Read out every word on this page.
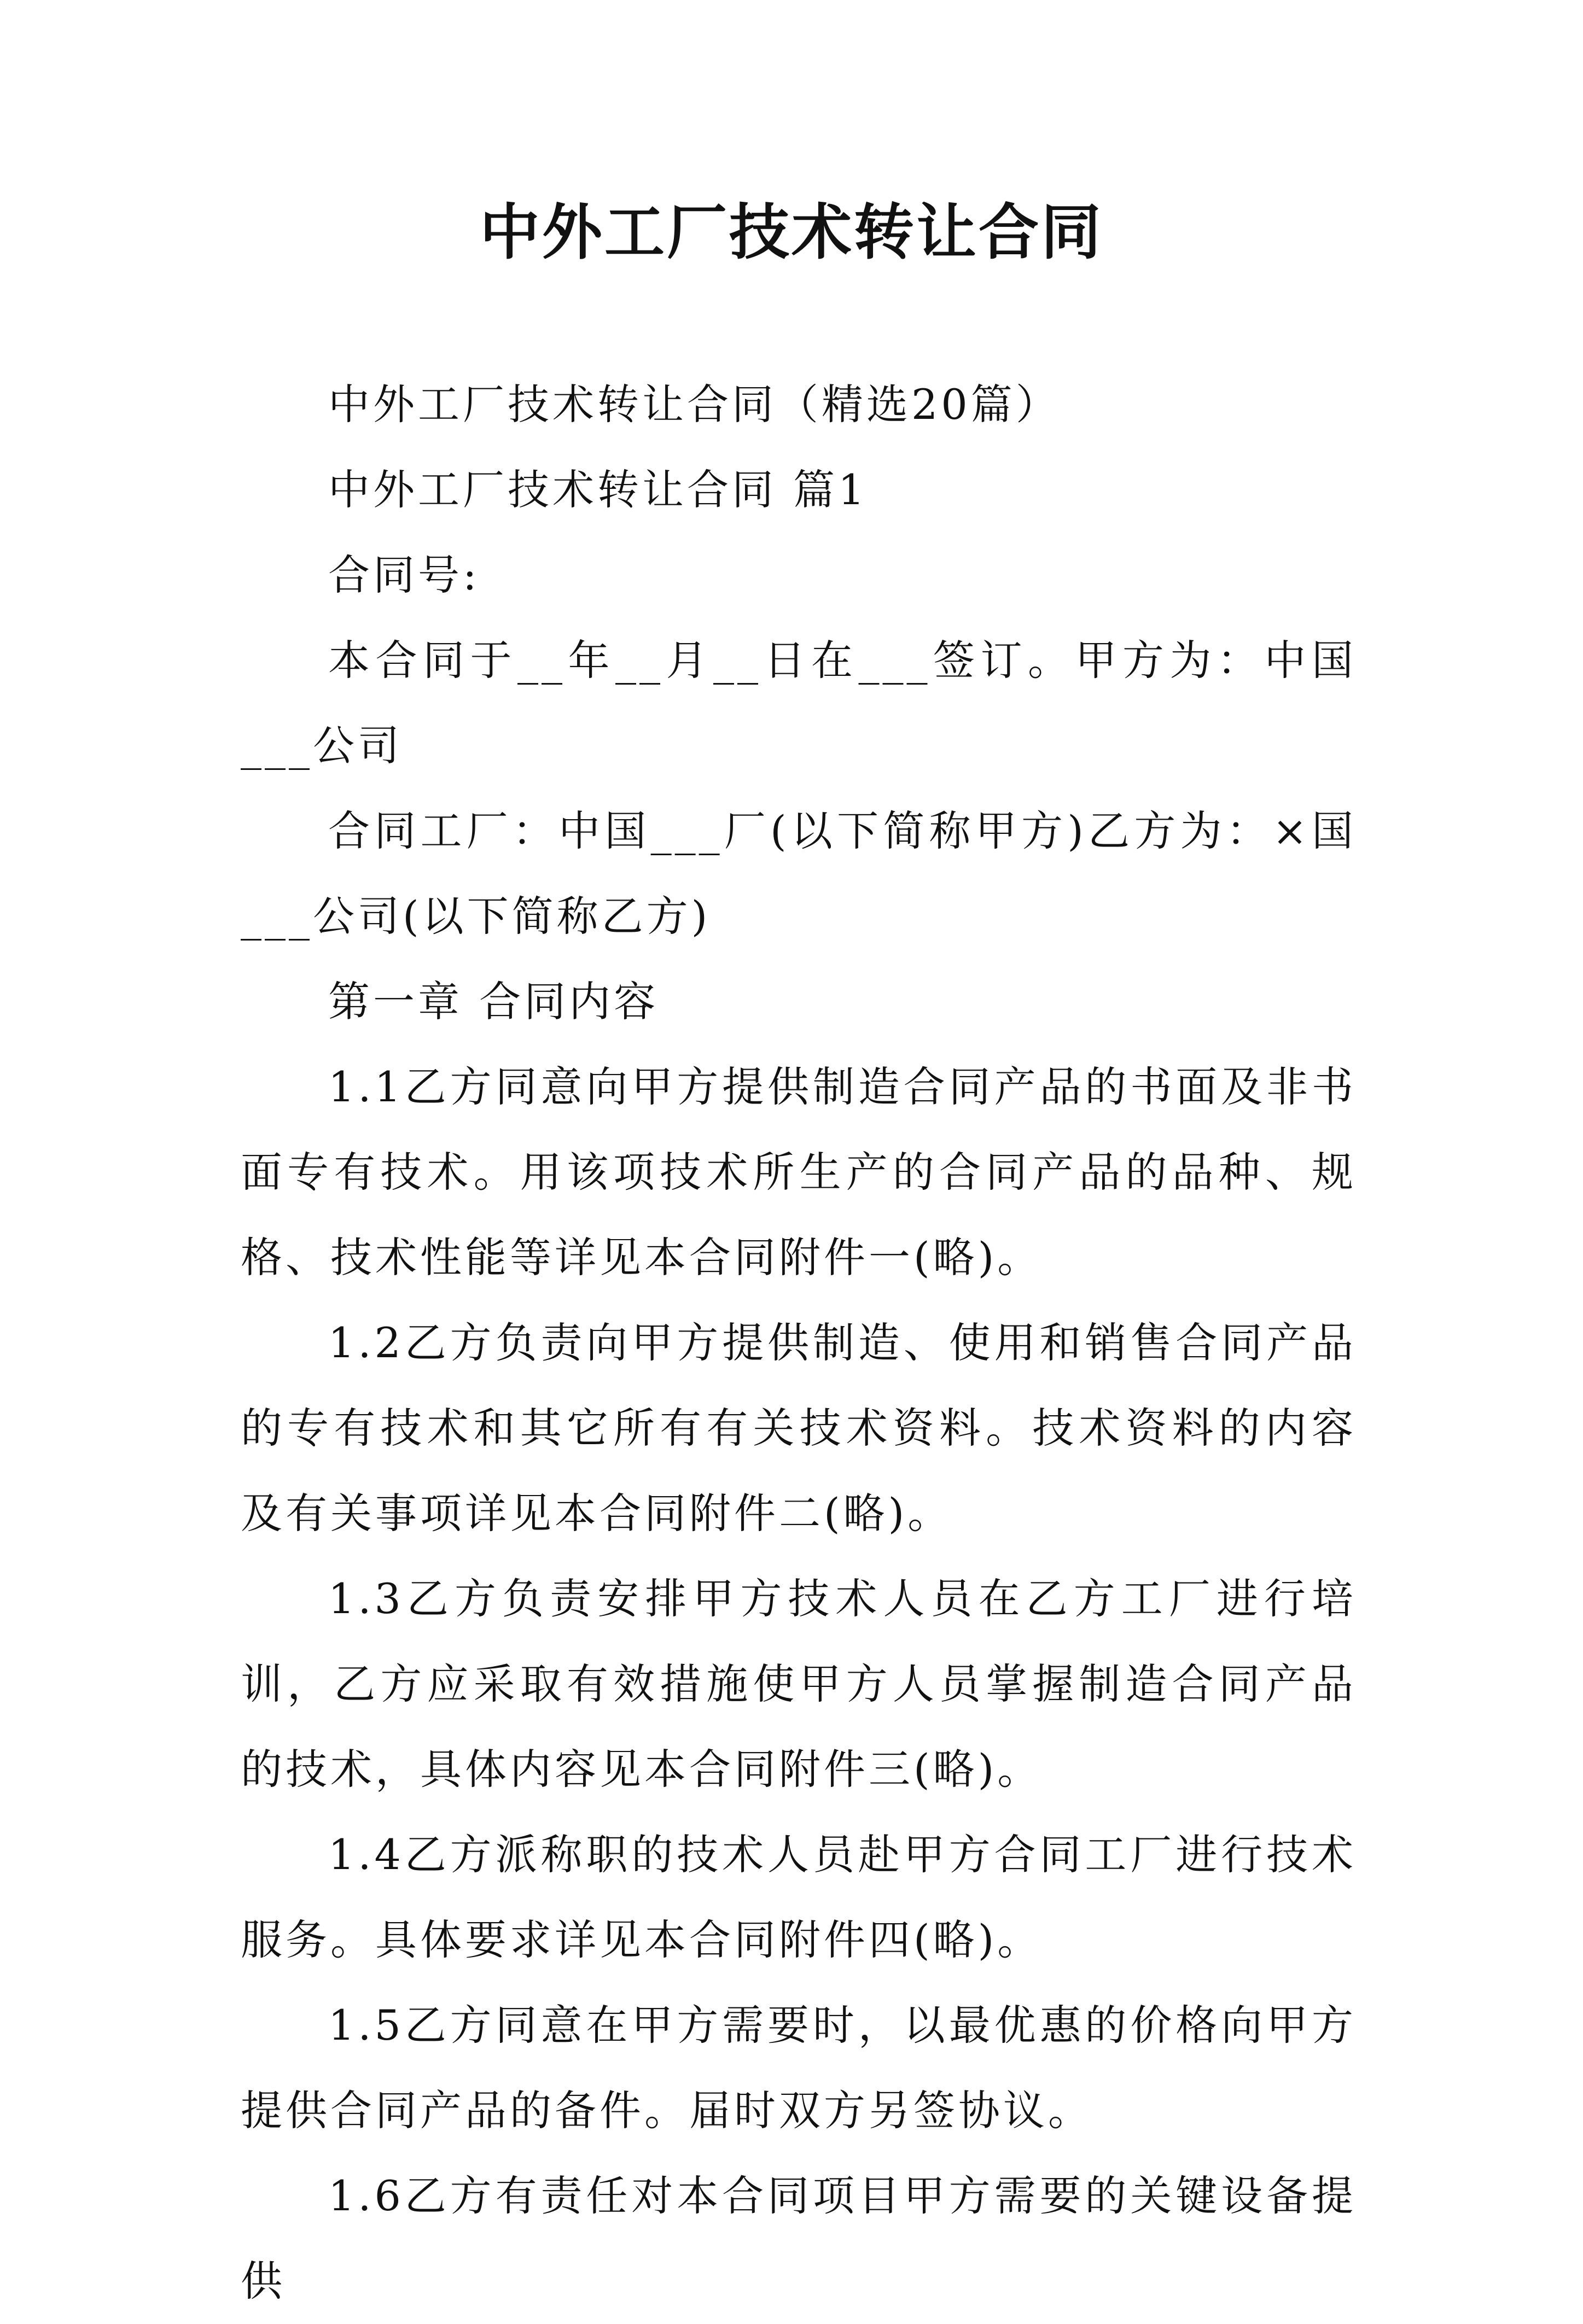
中外工厂技术转让合同

中外工厂技术转让合同（精选20篇）

中外工厂技术转让合同 篇1

合同号:

本合同于__年__月__日在___签订。甲方为：中国___公司

合同工厂：中国___厂(以下简称甲方)乙方为：×国___公司(以下简称乙方)

第一章 合同内容

1.1乙方同意向甲方提供制造合同产品的书面及非书面专有技术。用该项技术所生产的合同产品的品种、规格、技术性能等详见本合同附件一(略)。

1.2乙方负责向甲方提供制造、使用和销售合同产品的专有技术和其它所有有关技术资料。技术资料的内容及有关事项详见本合同附件二(略)。

1.3乙方负责安排甲方技术人员在乙方工厂进行培训，乙方应采取有效措施使甲方人员掌握制造合同产品的技术，具体内容见本合同附件三(略)。

1.4乙方派称职的技术人员赴甲方合同工厂进行技术服务。具体要求详见本合同附件四(略)。

1.5乙方同意在甲方需要时，以最优惠的价格向甲方提供合同产品的备件。届时双方另签协议。

1.6乙方有责任对本合同项目甲方需要的关键设备提供
